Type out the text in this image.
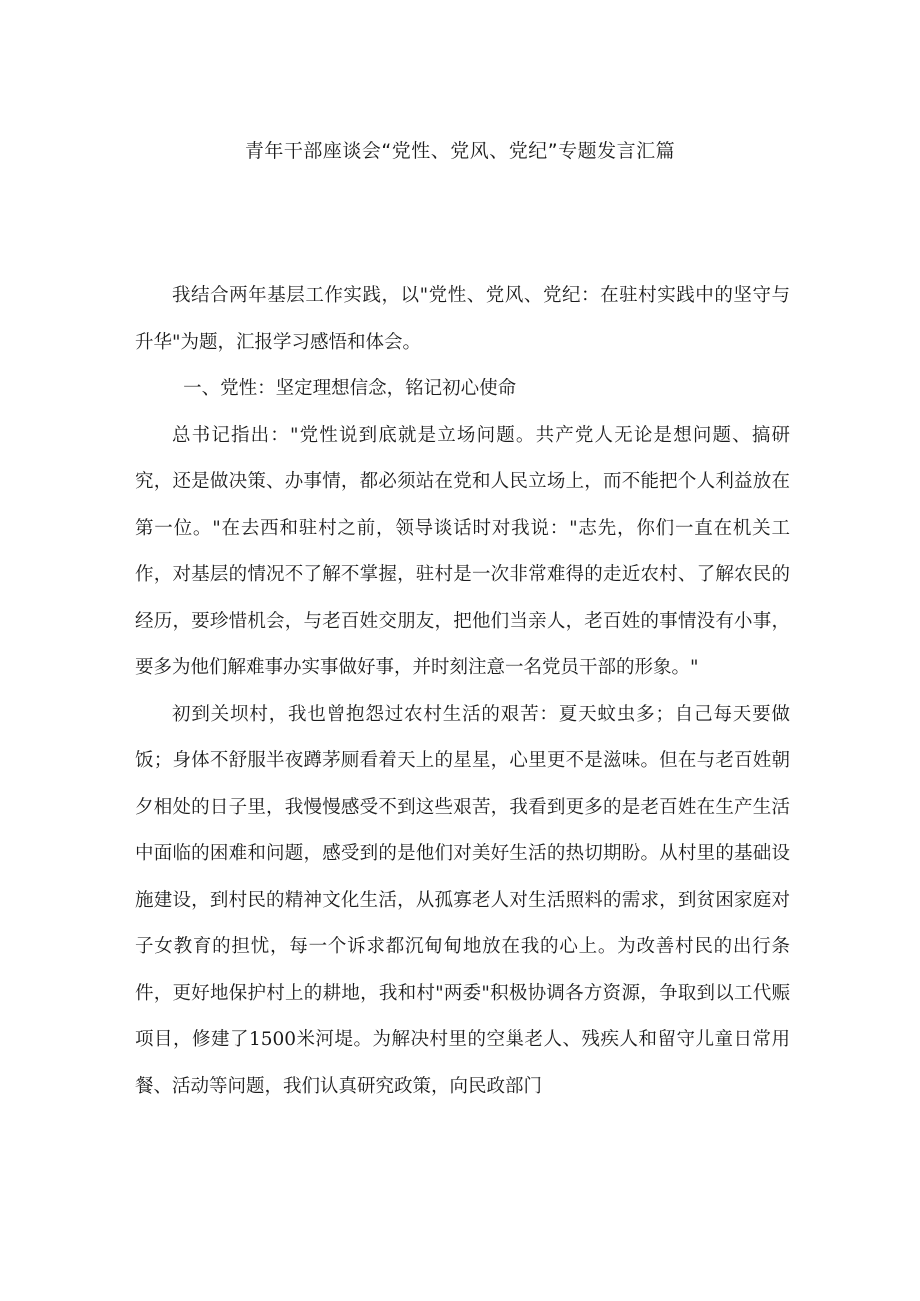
青年干部座谈会“党性、党风、党纪”专题发言汇篇

我结合两年基层工作实践，以"党性、党风、党纪：在驻村实践中的坚守与升华"为题，汇报学习感悟和体会。

一、党性：坚定理想信念，铭记初心使命

总书记指出："党性说到底就是立场问题。共产党人无论是想问题、搞研究，还是做决策、办事情，都必须站在党和人民立场上，而不能把个人利益放在第一位。"在去西和驻村之前，领导谈话时对我说："志先，你们一直在机关工作，对基层的情况不了解不掌握，驻村是一次非常难得的走近农村、了解农民的经历，要珍惜机会，与老百姓交朋友，把他们当亲人，老百姓的事情没有小事，要多为他们解难事办实事做好事，并时刻注意一名党员干部的形象。"

初到关坝村，我也曾抱怨过农村生活的艰苦：夏天蚊虫多；自己每天要做饭；身体不舒服半夜蹲茅厕看着天上的星星，心里更不是滋味。但在与老百姓朝夕相处的日子里，我慢慢感受不到这些艰苦，我看到更多的是老百姓在生产生活中面临的困难和问题，感受到的是他们对美好生活的热切期盼。从村里的基础设施建设，到村民的精神文化生活，从孤寡老人对生活照料的需求，到贫困家庭对子女教育的担忧，每一个诉求都沉甸甸地放在我的心上。为改善村民的出行条件，更好地保护村上的耕地，我和村"两委"积极协调各方资源，争取到以工代赈项目，修建了1500米河堤。为解决村里的空巢老人、残疾人和留守儿童日常用餐、活动等问题，我们认真研究政策，向民政部门
